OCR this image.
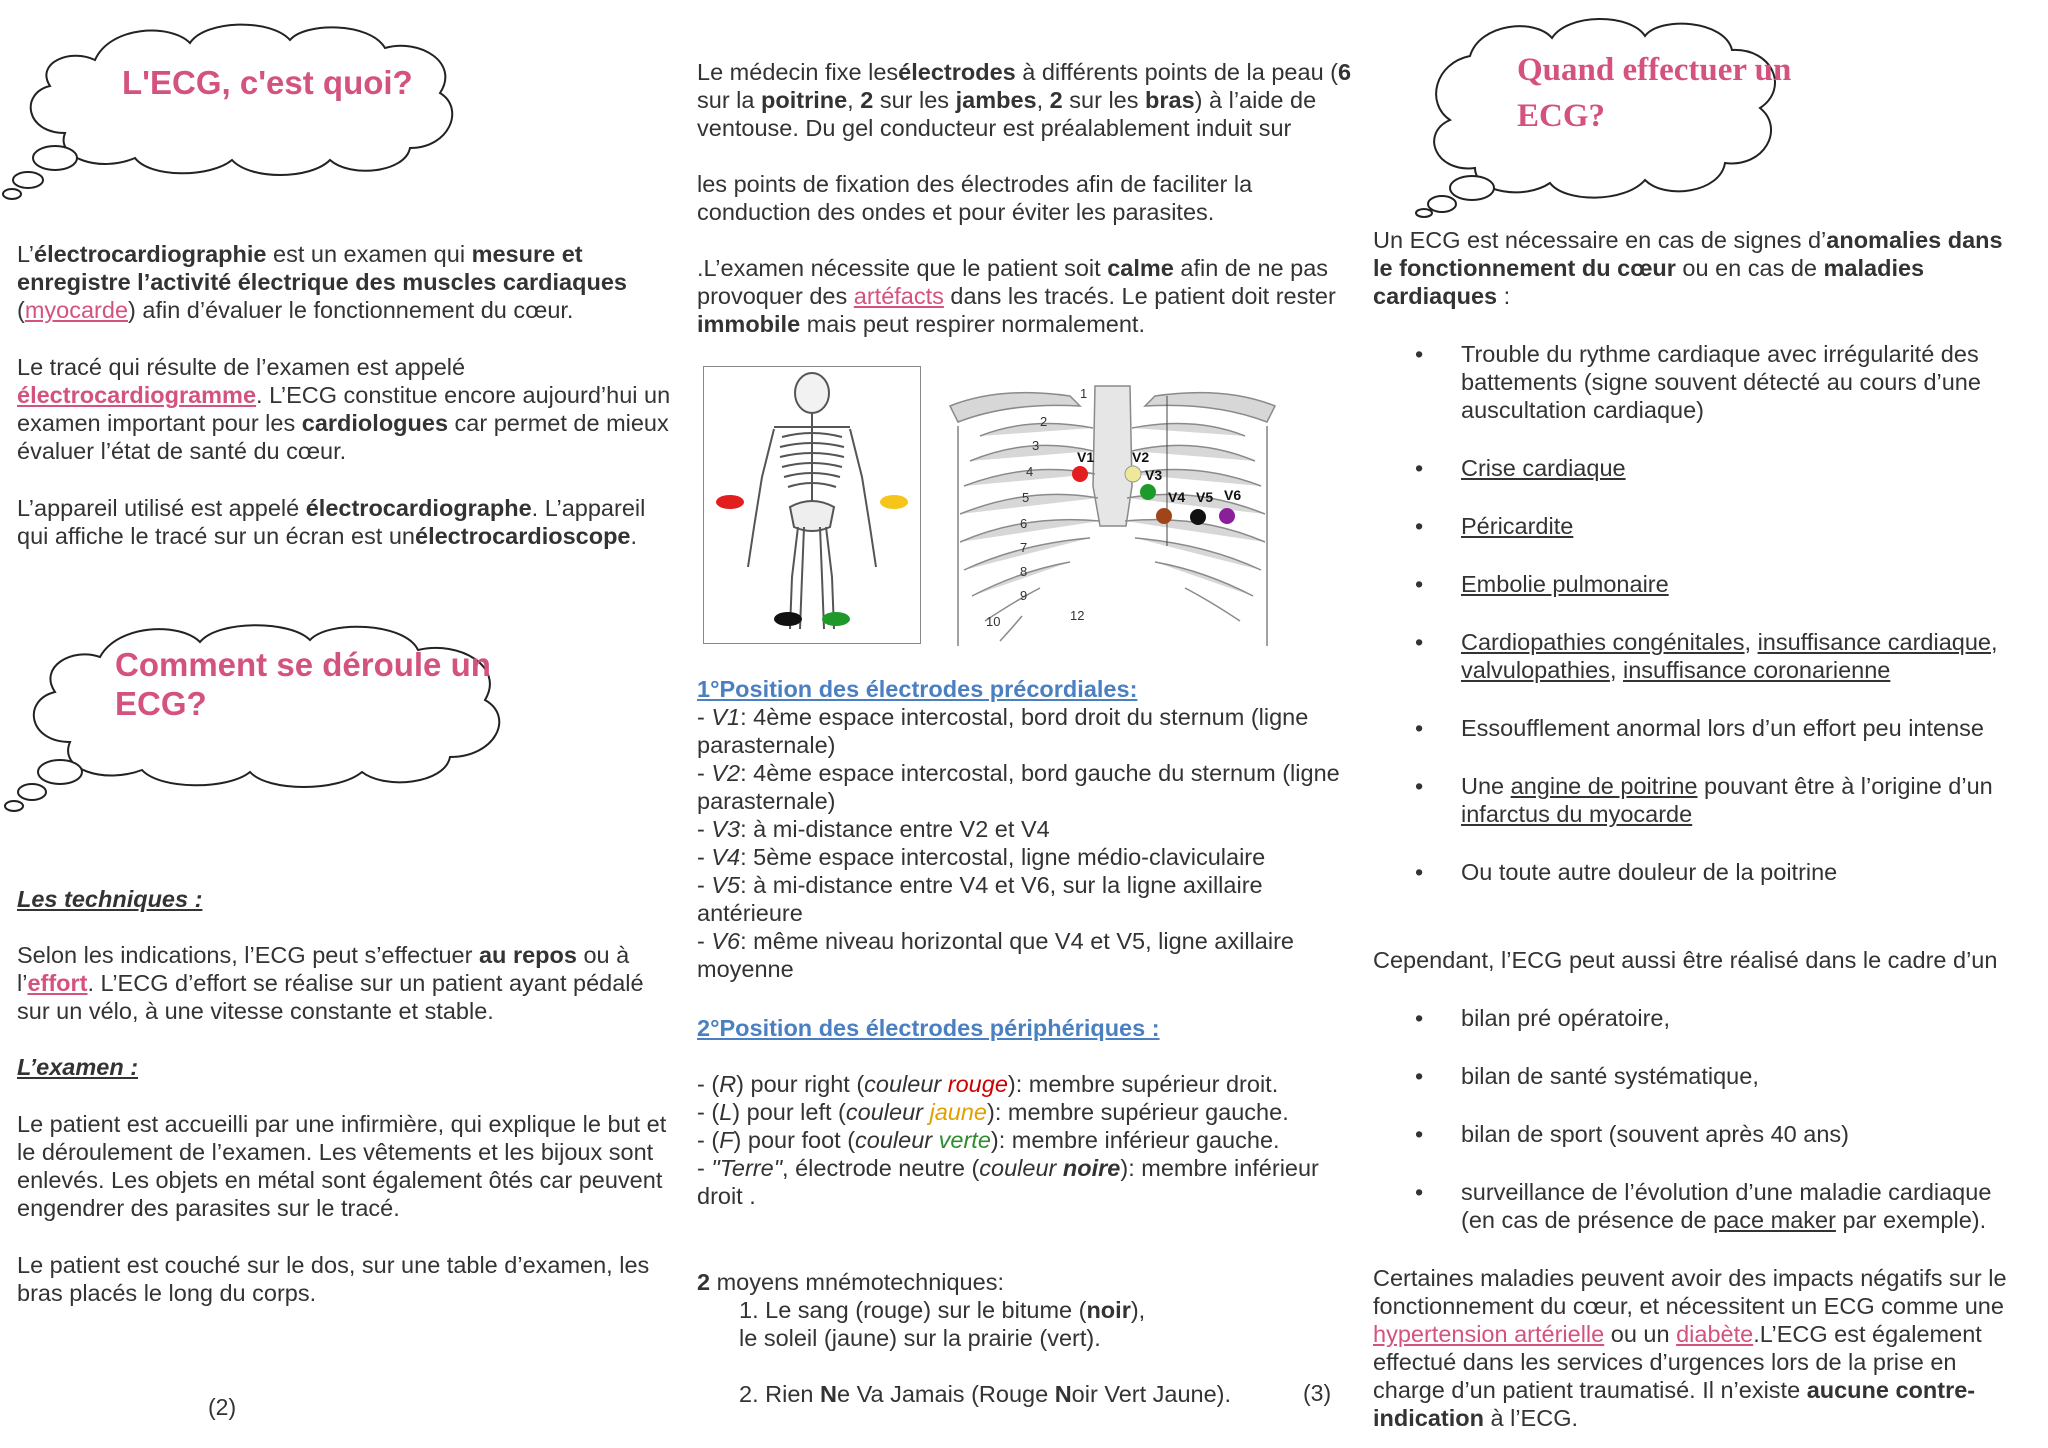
L'ECG, c'est quoi?

L’électrocardiographie est un examen qui mesure et enregistre l’activité électrique des muscles cardiaques (myocarde) afin d’évaluer le fonctionnement du cœur.

Le tracé qui résulte de l’examen est appelé électrocardiogramme. L’ECG constitue encore aujourd’hui un examen important pour les cardiologues car permet de mieux évaluer l’état de santé du cœur.

L’appareil utilisé est appelé électrocardiographe. L’appareil qui affiche le tracé sur un écran est unélectrocardioscope.

Comment se déroule un
ECG?

Les techniques :

Selon les indications, l’ECG peut s’effectuer au repos ou à l’effort. L’ECG d’effort se réalise sur un patient ayant pédalé sur un vélo, à une vitesse constante et stable.

L’examen :

Le patient est accueilli par une infirmière, qui explique le but et le déroulement de l’examen. Les vêtements et les bijoux sont enlevés. Les objets en métal sont également ôtés car peuvent engendrer des parasites sur le tracé.

Le patient est couché sur le dos, sur une table d’examen, les bras placés le long du corps.

(2)

Le médecin fixe lesélectrodes à différents points de la peau (6 sur la poitrine, 2 sur les jambes, 2 sur les bras) à l’aide de ventouse. Du gel conducteur est préalablement induit sur

les points de fixation des électrodes afin de faciliter la conduction des ondes et pour éviter les parasites.

.L’examen nécessite que le patient soit calme afin de ne pas provoquer des artéfacts dans les tracés. Le patient doit rester immobile mais peut respirer normalement.

1
2
3
4
5
6
7
8
9
10	12
V1	V2
V3
V4 V5 V6

1°Position des électrodes précordiales:

- V1: 4ème espace intercostal, bord droit du sternum (ligne parasternale)

- V2: 4ème espace intercostal, bord gauche du sternum (ligne parasternale)

- V3: à mi-distance entre V2 et V4

- V4: 5ème espace intercostal, ligne médio-claviculaire

- V5: à mi-distance entre V4 et V6, sur la ligne axillaire antérieure

- V6: même niveau horizontal que V4 et V5, ligne axillaire moyenne

2°Position des électrodes périphériques :

- (R) pour right (couleur rouge): membre supérieur droit.

- (L) pour left (couleur jaune): membre supérieur gauche.

- (F) pour foot (couleur verte): membre inférieur gauche.

- "Terre", électrode neutre (couleur noire): membre inférieur droit .

2 moyens mnémotechniques:

1. Le sang (rouge) sur le bitume (noir),
le soleil (jaune) sur la prairie (vert).

2. Rien Ne Va Jamais (Rouge Noir Vert Jaune).	(3)
Quand effectuer un
ECG?

Un ECG est nécessaire en cas de signes d’anomalies dans le fonctionnement du cœur ou en cas de maladies cardiaques :

• Trouble du rythme cardiaque avec irrégularité des battements (signe souvent détecté au cours d’une auscultation cardiaque)
• Crise cardiaque
• Péricardite
• Embolie pulmonaire
• Cardiopathies congénitales, insuffisance cardiaque, valvulopathies, insuffisance coronarienne
• Essoufflement anormal lors d’un effort peu intense
• Une angine de poitrine pouvant être à l’origine d’un infarctus du myocarde
• Ou toute autre douleur de la poitrine

Cependant, l’ECG peut aussi être réalisé dans le cadre d’un

• bilan pré opératoire,
• bilan de santé systématique,
• bilan de sport (souvent après 40 ans)
• surveillance de l’évolution d’une maladie cardiaque (en cas de présence de pace maker par exemple).

Certaines maladies peuvent avoir des impacts négatifs sur le fonctionnement du cœur, et nécessitent un ECG comme une hypertension artérielle ou un diabète.L’ECG est également effectué dans les services d’urgences lors de la prise en charge d’un patient traumatisé. Il n’existe aucune contre-indication à l’ECG.
